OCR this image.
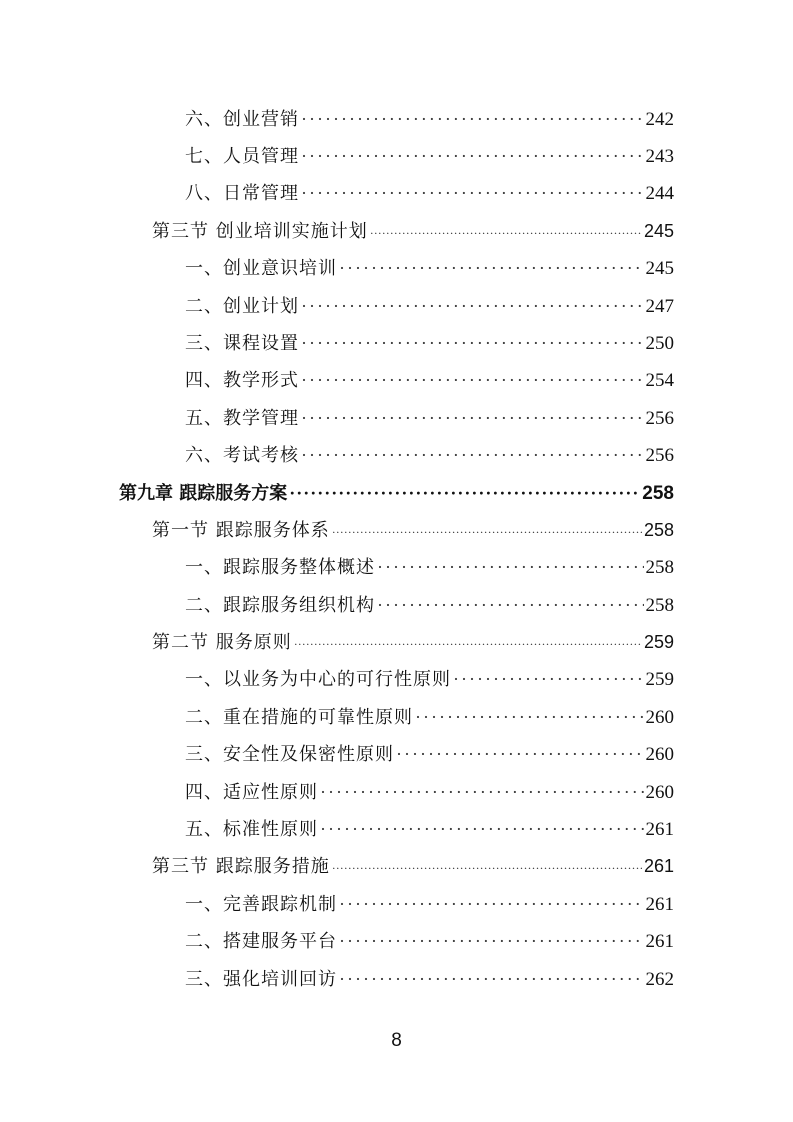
六、创业营销 ·····	242
七、人员管理 ·····	243
八、日常管理 ·····	244
第三节 创业培训实施计划 ·····	245
一、创业意识培训 ·····	245
二、创业计划 ·····	247
三、课程设置 ·····	250
四、教学形式 ·····	254
五、教学管理 ·····	256
六、考试考核 ·····	256
第九章 跟踪服务方案 ·····	258
第一节 跟踪服务体系 ·····	258
一、跟踪服务整体概述 ·····	258
二、跟踪服务组织机构 ·····	258
第二节 服务原则 ·····	259
一、以业务为中心的可行性原则 ·····	259
二、重在措施的可靠性原则 ·····	260
三、安全性及保密性原则 ·····	260
四、适应性原则 ·····	260
五、标准性原则 ·····	261
第三节 跟踪服务措施 ·····	261
一、完善跟踪机制 ·····	261
二、搭建服务平台 ·····	261
三、强化培训回访 ·····	262
8
